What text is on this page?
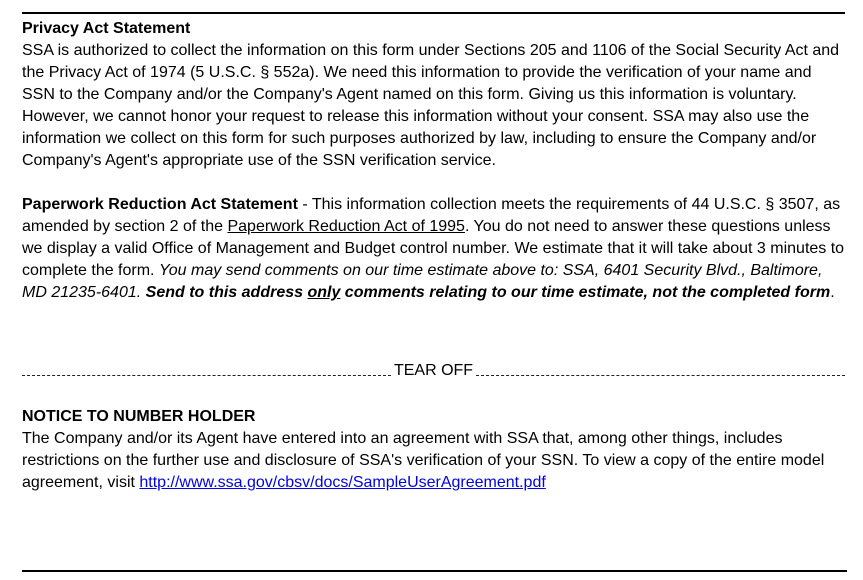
Privacy Act Statement

SSA is authorized to collect the information on this form under Sections 205 and 1106 of the Social Security Act and the Privacy Act of 1974 (5 U.S.C. § 552a). We need this information to provide the verification of your name and SSN to the Company and/or the Company's Agent named on this form. Giving us this information is voluntary. However, we cannot honor your request to release this information without your consent. SSA may also use the information we collect on this form for such purposes authorized by law, including to ensure the Company and/or Company's Agent's appropriate use of the SSN verification service.

Paperwork Reduction Act Statement - This information collection meets the requirements of 44 U.S.C. § 3507, as amended by section 2 of the Paperwork Reduction Act of 1995. You do not need to answer these questions unless we display a valid Office of Management and Budget control number. We estimate that it will take about 3 minutes to complete the form. You may send comments on our time estimate above to: SSA, 6401 Security Blvd., Baltimore, MD 21235-6401. Send to this address only comments relating to our time estimate, not the completed form.

TEAR OFF
NOTICE TO NUMBER HOLDER

The Company and/or its Agent have entered into an agreement with SSA that, among other things, includes restrictions on the further use and disclosure of SSA's verification of your SSN. To view a copy of the entire model agreement, visit http://www.ssa.gov/cbsv/docs/SampleUserAgreement.pdf
